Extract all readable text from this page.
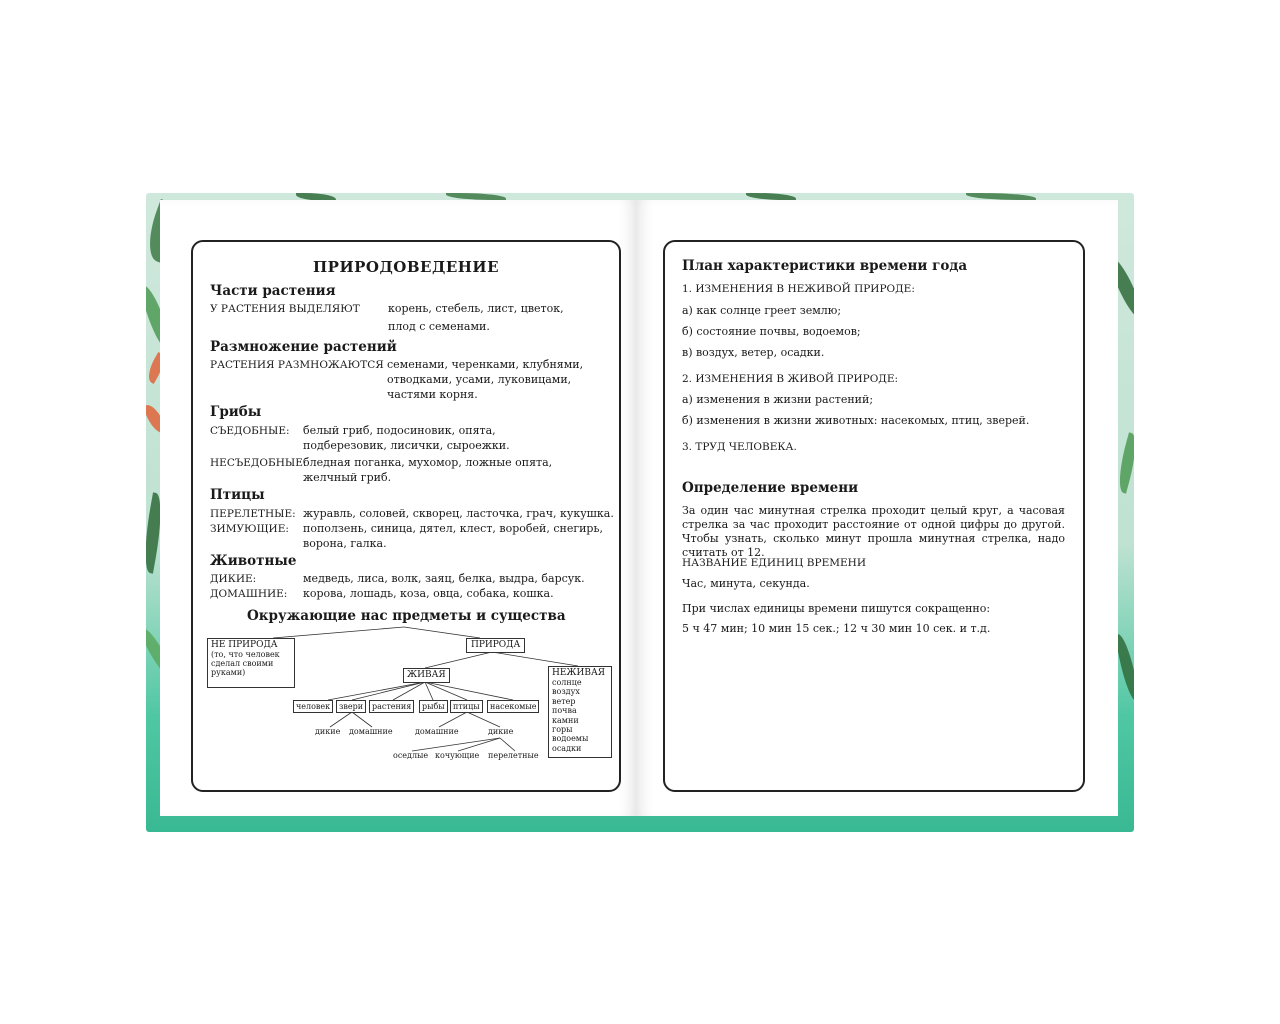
ПРИРОДОВЕДЕНИЕ
Части растения
У РАСТЕНИЯ ВЫДЕЛЯЮТ	корень, стебель, лист, цветок,
плод с семенами.
Размножение растений
РАСТЕНИЯ РАЗМНОЖАЮТСЯ семенами, черенками, клубнями,
отводками, усами, луковицами,
частями корня.
Грибы
СЪЕДОБНЫЕ: белый гриб, подосиновик, опята,
подберезовик, лисички, сыроежки.
НЕСЪЕДОБНЫЕ:
бледная поганка, мухомор, ложные опята,
желчный гриб.
Птицы
ПЕРЕЛЕТНЫЕ: журавль, соловей, скворец, ласточка, грач, кукушка.
ЗИМУЮЩИЕ: поползень, синица, дятел, клест, воробей, снегирь,
ворона, галка.
Животные
ДИКИЕ:	медведь, лиса, волк, заяц, белка, выдра, барсук.
ДОМАШНИЕ: корова, лошадь, коза, овца, собака, кошка.
Окружающие нас предметы и существа
ПРИРОДА
НЕ ПРИРОДА
(то, что человек
сделал своими
руками)	ЖИВАЯ	НЕЖИВАЯ
солнце
воздух
ветер
почва
камни
горы
водоемы
осадки
человек	звери	растения	рыбы	птицы	насекомые
дикие домашние	домашние	дикие
оседлые кочующие перелетные
План характеристики времени года
1. ИЗМЕНЕНИЯ В НЕЖИВОЙ ПРИРОДЕ:
а) как солнце греет землю;
б) состояние почвы, водоемов;
в) воздух, ветер, осадки.
2. ИЗМЕНЕНИЯ В ЖИВОЙ ПРИРОДЕ:
а) изменения в жизни растений;
б) изменения в жизни животных: насекомых, птиц, зверей.
3. ТРУД ЧЕЛОВЕКА.
Определение времени
За один час минутная стрелка проходит целый круг, а часовая стрелка за час проходит расстояние от одной цифры до другой. Чтобы узнать, сколько минут прошла минутная стрелка, надо считать от 12.
НАЗВАНИЕ ЕДИНИЦ ВРЕМЕНИ
Час, минута, секунда.
При числах единицы времени пишутся сокращенно:
5 ч 47 мин; 10 мин 15 сек.; 12 ч 30 мин 10 сек. и т.д.
